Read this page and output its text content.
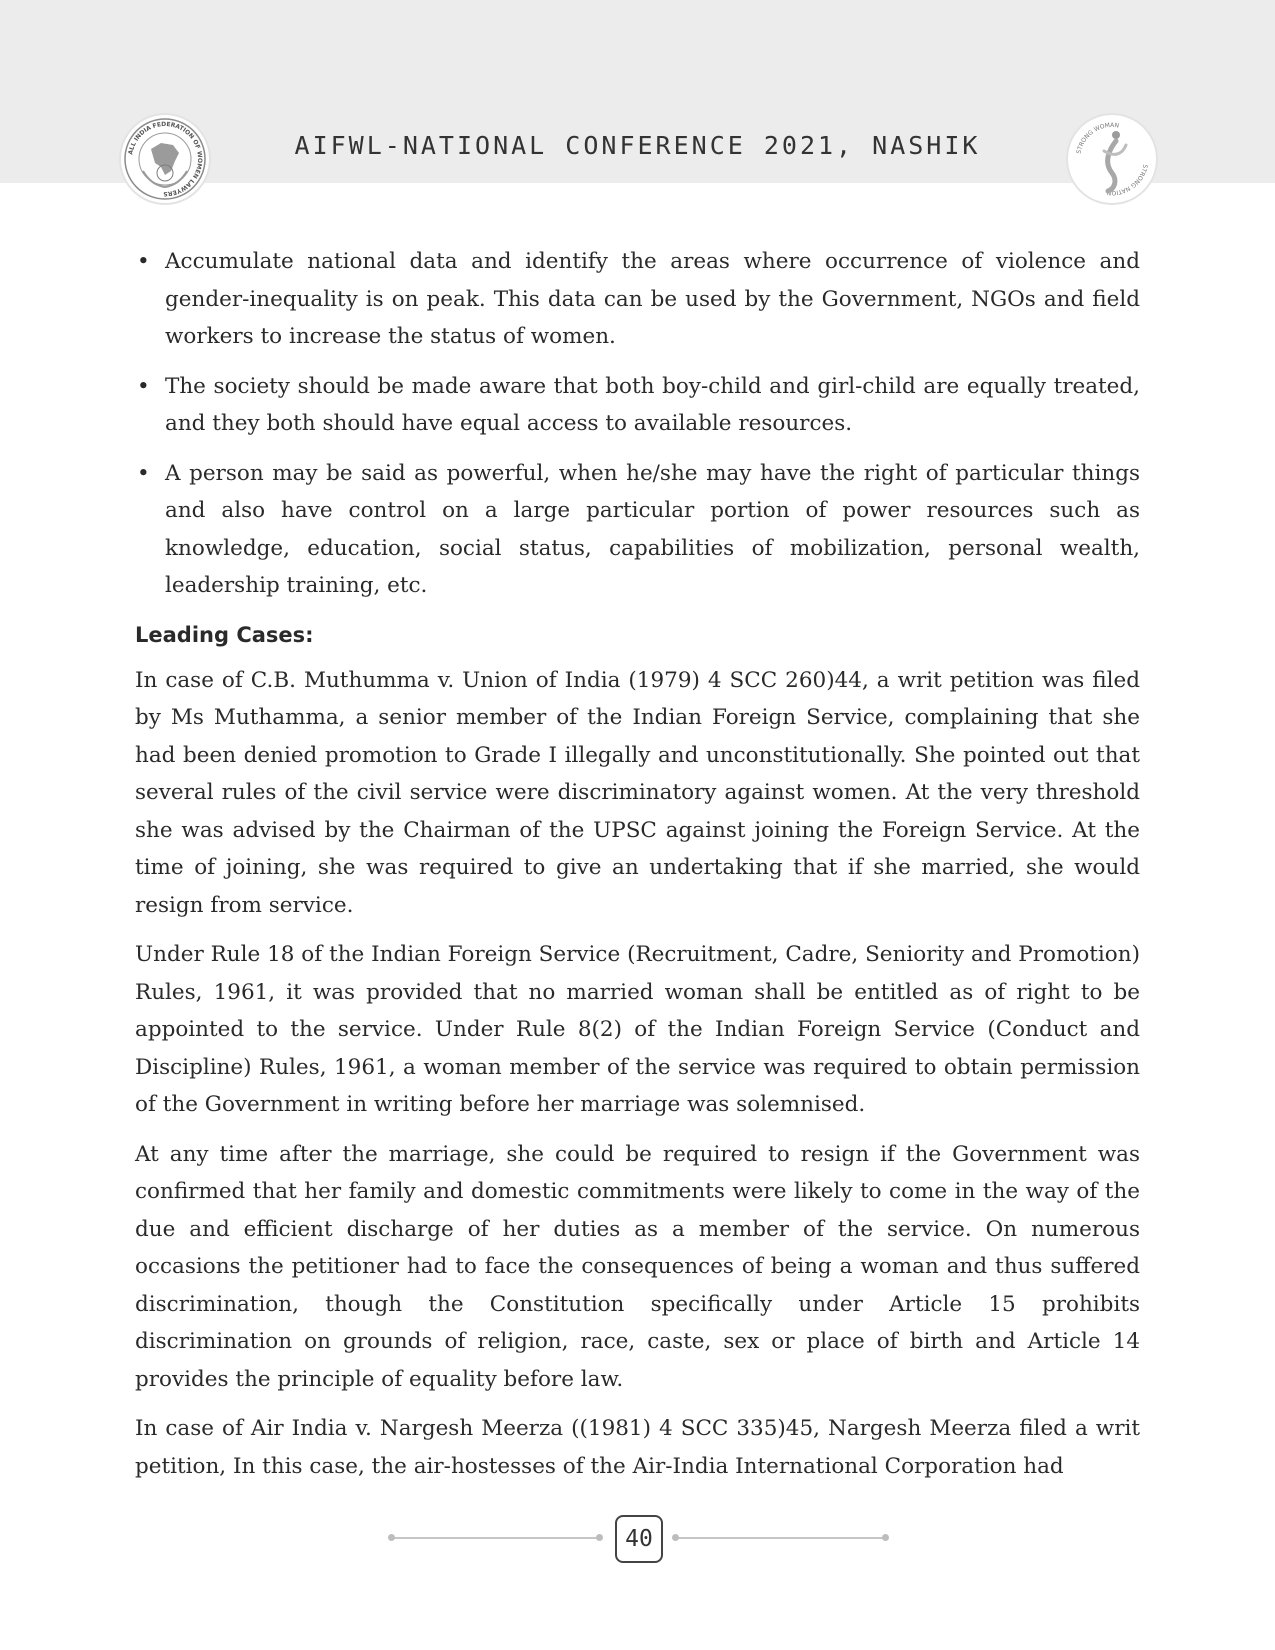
ALL INDIA FEDERATION OF WOMEN LAWYERS
AIFWL-NATIONAL CONFERENCE 2021, NASHIK	STRONG WOMAN
STRONG NATION
• Accumulate national data and identify the areas where occurrence of violence and gender-inequality is on peak. This data can be used by the Government, NGOs and field workers to increase the status of women.
• The society should be made aware that both boy-child and girl-child are equally treated, and they both should have equal access to available resources.
• A person may be said as powerful, when he/she may have the right of particular things and also have control on a large particular portion of power resources such as knowledge, education, social status, capabilities of mobilization, personal wealth, leadership training, etc.
Leading Cases:

In case of C.B. Muthumma v. Union of India (1979) 4 SCC 260)44, a writ petition was filed by Ms Muthamma, a senior member of the Indian Foreign Service, complaining that she had been denied promotion to Grade I illegally and unconstitutionally. She pointed out that several rules of the civil service were discriminatory against women. At the very threshold she was advised by the Chairman of the UPSC against joining the Foreign Service. At the time of joining, she was required to give an undertaking that if she married, she would resign from service.

Under Rule 18 of the Indian Foreign Service (Recruitment, Cadre, Seniority and Promotion) Rules, 1961, it was provided that no married woman shall be entitled as of right to be appointed to the service. Under Rule 8(2) of the Indian Foreign Service (Conduct and Discipline) Rules, 1961, a woman member of the service was required to obtain permission of the Government in writing before her marriage was solemnised.

At any time after the marriage, she could be required to resign if the Government was confirmed that her family and domestic commitments were likely to come in the way of the due and efficient discharge of her duties as a member of the service. On numerous occasions the petitioner had to face the consequences of being a woman and thus suffered discrimination, though the Constitution specifically under Article 15 prohibits discrimination on grounds of religion, race, caste, sex or place of birth and Article 14 provides the principle of equality before law.

In case of Air India v. Nargesh Meerza ((1981) 4 SCC 335)45, Nargesh Meerza filed a writ petition, In this case, the air-hostesses of the Air-India International Corporation had

40
